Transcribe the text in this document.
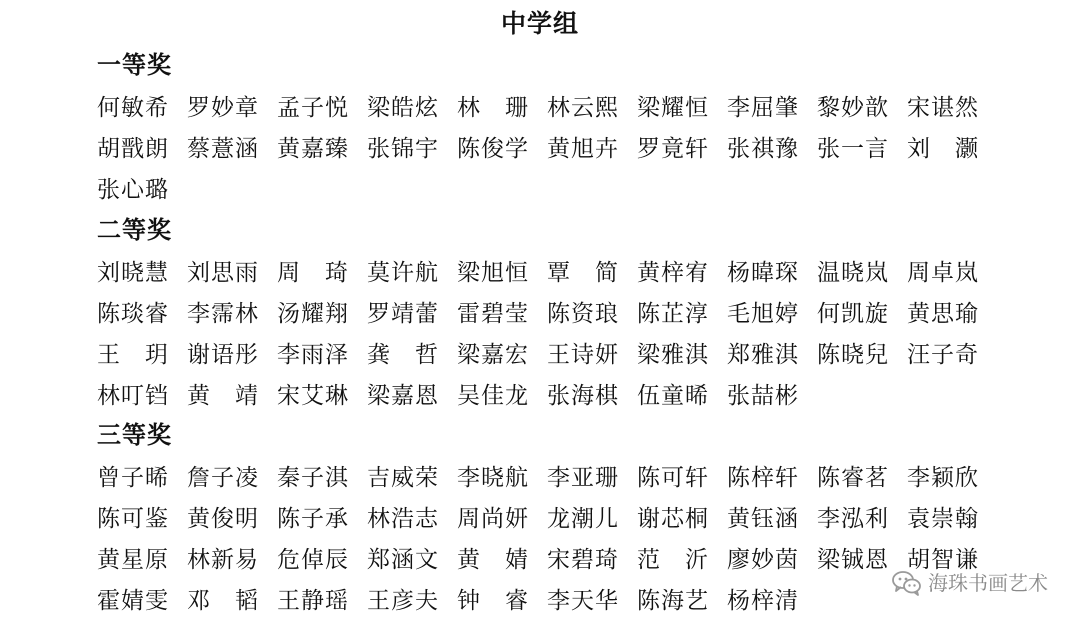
中学组
一等奖
何敏希 罗妙章 孟子悦 梁皓炫 林　珊 林云熙 梁耀恒 李屈肇 黎妙歆 宋谌然
胡戬朗 蔡薏涵 黄嘉臻 张锦宇 陈俊学 黄旭卉 罗竟轩 张祺豫 张一言 刘　灏
张心璐
二等奖
刘晓慧 刘思雨 周　琦 莫许航 梁旭恒 覃　简 黄梓宥 杨暐琛 温晓岚 周卓岚
陈琰睿 李霈林 汤耀翔 罗靖蕾 雷碧莹 陈资琅 陈芷淳 毛旭婷 何凯旋 黄思瑜
王　玥 谢语彤 李雨泽 龚　哲 梁嘉宏 王诗妍 梁雅淇 郑雅淇 陈晓兒 汪子奇
林叮铛 黄　靖 宋艾琳 梁嘉恩 吴佳龙 张海棋 伍童晞 张喆彬
三等奖
曾子晞 詹子凌 秦子淇 吉威荣 李晓航 李亚珊 陈可轩 陈梓轩 陈睿茗 李颖欣
陈可鉴 黄俊明 陈子承 林浩志 周尚妍 龙潮儿 谢芯桐 黄钰涵 李泓利 袁崇翰
黄星原 林新易 危倬辰 郑涵文 黄　婧 宋碧琦 范　沂 廖妙茵 梁铖恩 胡智谦
霍婧雯 邓　韬 王静瑶 王彦夫 钟　睿 李天华 陈海艺 杨梓清
海珠书画艺术
